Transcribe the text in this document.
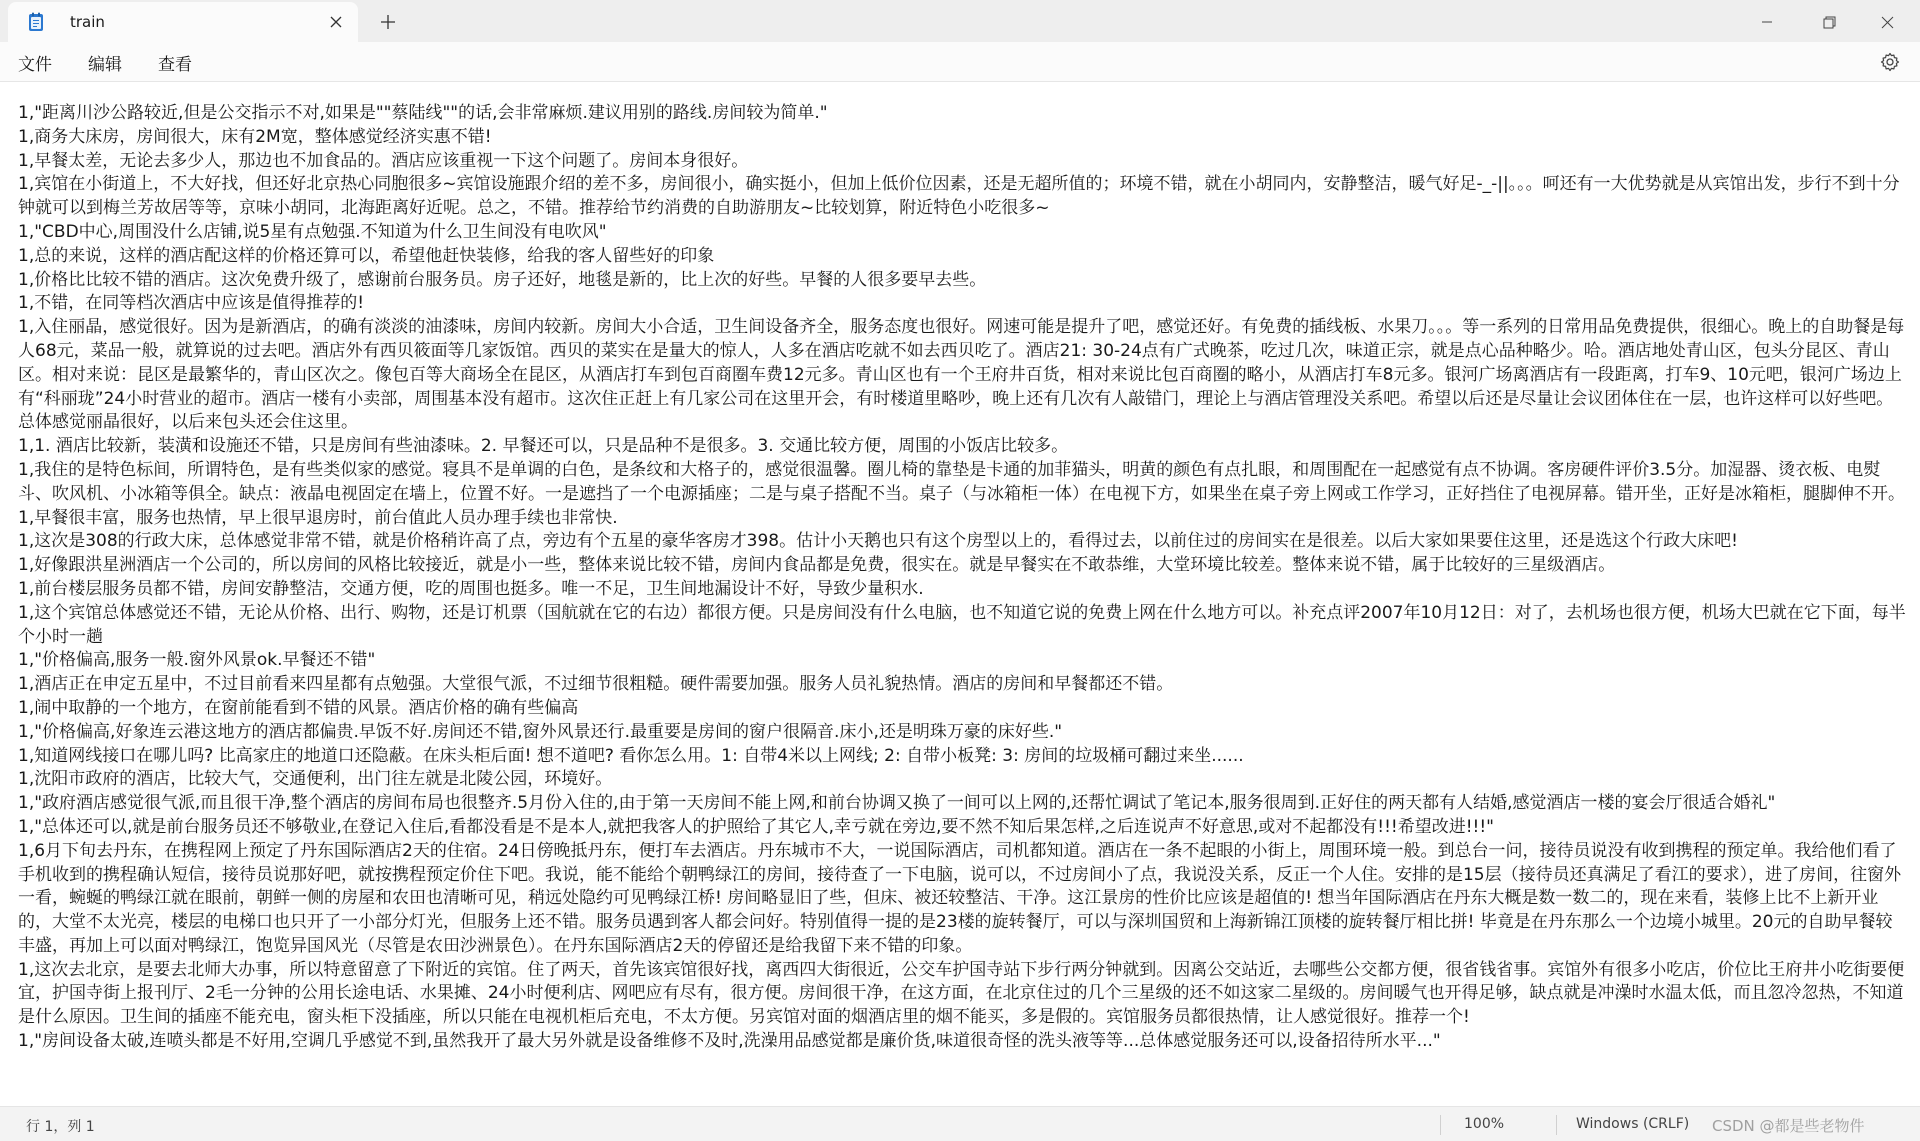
train
文件 编辑 查看
1,"距离川沙公路较近,但是公交指示不对,如果是""蔡陆线""的话,会非常麻烦.建议用别的路线.房间较为简单."
1,商务大床房，房间很大，床有2M宽，整体感觉经济实惠不错!
1,早餐太差，无论去多少人，那边也不加食品的。酒店应该重视一下这个问题了。房间本身很好。
1,宾馆在小街道上，不大好找，但还好北京热心同胞很多~宾馆设施跟介绍的差不多，房间很小，确实挺小，但加上低价位因素，还是无超所值的；环境不错，就在小胡同内，安静整洁，暖气好足-_-||。。。呵还有一大优势就是从宾馆出发，步行不到十分钟就可以到梅兰芳故居等等，京味小胡同，北海距离好近呢。总之，不错。推荐给节约消费的自助游朋友~比较划算，附近特色小吃很多~
1,"CBD中心,周围没什么店铺,说5星有点勉强.不知道为什么卫生间没有电吹风"
1,总的来说，这样的酒店配这样的价格还算可以，希望他赶快装修，给我的客人留些好的印象
1,价格比比较不错的酒店。这次免费升级了，感谢前台服务员。房子还好，地毯是新的，比上次的好些。早餐的人很多要早去些。
1,不错，在同等档次酒店中应该是值得推荐的!
1,入住丽晶，感觉很好。因为是新酒店，的确有淡淡的油漆味，房间内较新。房间大小合适，卫生间设备齐全，服务态度也很好。网速可能是提升了吧，感觉还好。有免费的插线板、水果刀。。。等一系列的日常用品免费提供，很细心。晚上的自助餐是每人68元，菜品一般，就算说的过去吧。酒店外有西贝筱面等几家饭馆。西贝的菜实在是量大的惊人，人多在酒店吃就不如去西贝吃了。酒店21: 30-24点有广式晚茶，吃过几次，味道正宗，就是点心品种略少。哈。酒店地处青山区，包头分昆区、青山区。相对来说：昆区是最繁华的，青山区次之。像包百等大商场全在昆区，从酒店打车到包百商圈车费12元多。青山区也有一个王府井百货，相对来说比包百商圈的略小，从酒店打车8元多。银河广场离酒店有一段距离，打车9、10元吧，银河广场边上有“科丽珑”24小时营业的超市。酒店一楼有小卖部，周围基本没有超市。这次住正赶上有几家公司在这里开会，有时楼道里略吵，晚上还有几次有人敲错门，理论上与酒店管理没关系吧。希望以后还是尽量让会议团体住在一层，也许这样可以好些吧。总体感觉丽晶很好，以后来包头还会住这里。
1,1. 酒店比较新，装潢和设施还不错，只是房间有些油漆味。2. 早餐还可以，只是品种不是很多。3. 交通比较方便，周围的小饭店比较多。
1,我住的是特色标间，所谓特色，是有些类似家的感觉。寝具不是单调的白色，是条纹和大格子的，感觉很温馨。圈儿椅的靠垫是卡通的加菲猫头，明黄的颜色有点扎眼，和周围配在一起感觉有点不协调。客房硬件评价3.5分。加湿器、烫衣板、电熨斗、吹风机、小冰箱等俱全。缺点：液晶电视固定在墙上，位置不好。一是遮挡了一个电源插座；二是与桌子搭配不当。桌子（与冰箱柜一体）在电视下方，如果坐在桌子旁上网或工作学习，正好挡住了电视屏幕。错开坐，正好是冰箱柜，腿脚伸不开。
1,早餐很丰富，服务也热情，早上很早退房时，前台值此人员办理手续也非常快.
1,这次是308的行政大床，总体感觉非常不错，就是价格稍许高了点，旁边有个五星的豪华客房才398。估计小天鹅也只有这个房型以上的，看得过去，以前住过的房间实在是很差。以后大家如果要住这里，还是选这个行政大床吧!
1,好像跟洪星洲酒店一个公司的，所以房间的风格比较接近，就是小一些，整体来说比较不错，房间内食品都是免费，很实在。就是早餐实在不敢恭维，大堂环境比较差。整体来说不错，属于比较好的三星级酒店。
1,前台楼层服务员都不错，房间安静整洁，交通方便，吃的周围也挺多。唯一不足，卫生间地漏设计不好，导致少量积水.
1,这个宾馆总体感觉还不错，无论从价格、出行、购物，还是订机票（国航就在它的右边）都很方便。只是房间没有什么电脑，也不知道它说的免费上网在什么地方可以。补充点评2007年10月12日：对了，去机场也很方便，机场大巴就在它下面，每半个小时一趟
1,"价格偏高,服务一般.窗外风景ok.早餐还不错"
1,酒店正在申定五星中，不过目前看来四星都有点勉强。大堂很气派，不过细节很粗糙。硬件需要加强。服务人员礼貌热情。酒店的房间和早餐都还不错。
1,闹中取静的一个地方，在窗前能看到不错的风景。酒店价格的确有些偏高
1,"价格偏高,好象连云港这地方的酒店都偏贵.早饭不好.房间还不错,窗外风景还行.最重要是房间的窗户很隔音.床小,还是明珠万豪的床好些."
1,知道网线接口在哪儿吗? 比高家庄的地道口还隐蔽。在床头柜后面! 想不道吧? 看你怎么用。1: 自带4米以上网线; 2: 自带小板凳: 3: 房间的垃圾桶可翻过来坐......
1,沈阳市政府的酒店，比较大气，交通便利，出门往左就是北陵公园，环境好。
1,"政府酒店感觉很气派,而且很干净,整个酒店的房间布局也很整齐.5月份入住的,由于第一天房间不能上网,和前台协调又换了一间可以上网的,还帮忙调试了笔记本,服务很周到.正好住的两天都有人结婚,感觉酒店一楼的宴会厅很适合婚礼"
1,"总体还可以,就是前台服务员还不够敬业,在登记入住后,看都没看是不是本人,就把我客人的护照给了其它人,幸亏就在旁边,要不然不知后果怎样,之后连说声不好意思,或对不起都没有!!!希望改进!!!"
1,6月下旬去丹东，在携程网上预定了丹东国际酒店2天的住宿。24日傍晚抵丹东，便打车去酒店。丹东城市不大，一说国际酒店，司机都知道。酒店在一条不起眼的小街上，周围环境一般。到总台一问，接待员说没有收到携程的预定单。我给他们看了手机收到的携程确认短信，接待员说那好吧，就按携程预定价住下吧。我说，能不能给个朝鸭绿江的房间，接待查了一下电脑，说可以，不过房间小了点，我说没关系，反正一个人住。安排的是15层（接待员还真满足了看江的要求），进了房间，往窗外一看，蜿蜒的鸭绿江就在眼前，朝鲜一侧的房屋和农田也清晰可见，稍远处隐约可见鸭绿江桥! 房间略显旧了些，但床、被还较整洁、干净。这江景房的性价比应该是超值的! 想当年国际酒店在丹东大概是数一数二的，现在来看，装修上比不上新开业的，大堂不太光亮，楼层的电梯口也只开了一小部分灯光，但服务上还不错。服务员遇到客人都会问好。特别值得一提的是23楼的旋转餐厅，可以与深圳国贸和上海新锦江顶楼的旋转餐厅相比拼! 毕竟是在丹东那么一个边境小城里。20元的自助早餐较丰盛，再加上可以面对鸭绿江，饱览异国风光（尽管是农田沙洲景色）。在丹东国际酒店2天的停留还是给我留下来不错的印象。
1,这次去北京，是要去北师大办事，所以特意留意了下附近的宾馆。住了两天，首先该宾馆很好找，离西四大街很近，公交车护国寺站下步行两分钟就到。因离公交站近，去哪些公交都方便，很省钱省事。宾馆外有很多小吃店，价位比王府井小吃街要便宜，护国寺街上报刊厅、2毛一分钟的公用长途电话、水果摊、24小时便利店、网吧应有尽有，很方便。房间很干净，在这方面，在北京住过的几个三星级的还不如这家二星级的。房间暖气也开得足够，缺点就是冲澡时水温太低，而且忽冷忽热，不知道是什么原因。卫生间的插座不能充电，窗头柜下没插座，所以只能在电视机柜后充电，不太方便。另宾馆对面的烟酒店里的烟不能买，多是假的。宾馆服务员都很热情，让人感觉很好。推荐一个!
1,"房间设备太破,连喷头都是不好用,空调几乎感觉不到,虽然我开了最大另外就是设备维修不及时,洗澡用品感觉都是廉价货,味道很奇怪的洗头液等等...总体感觉服务还可以,设备招待所水平..."
行 1，列 1	100%	Windows (CRLF) CSDN @都是些老物件
